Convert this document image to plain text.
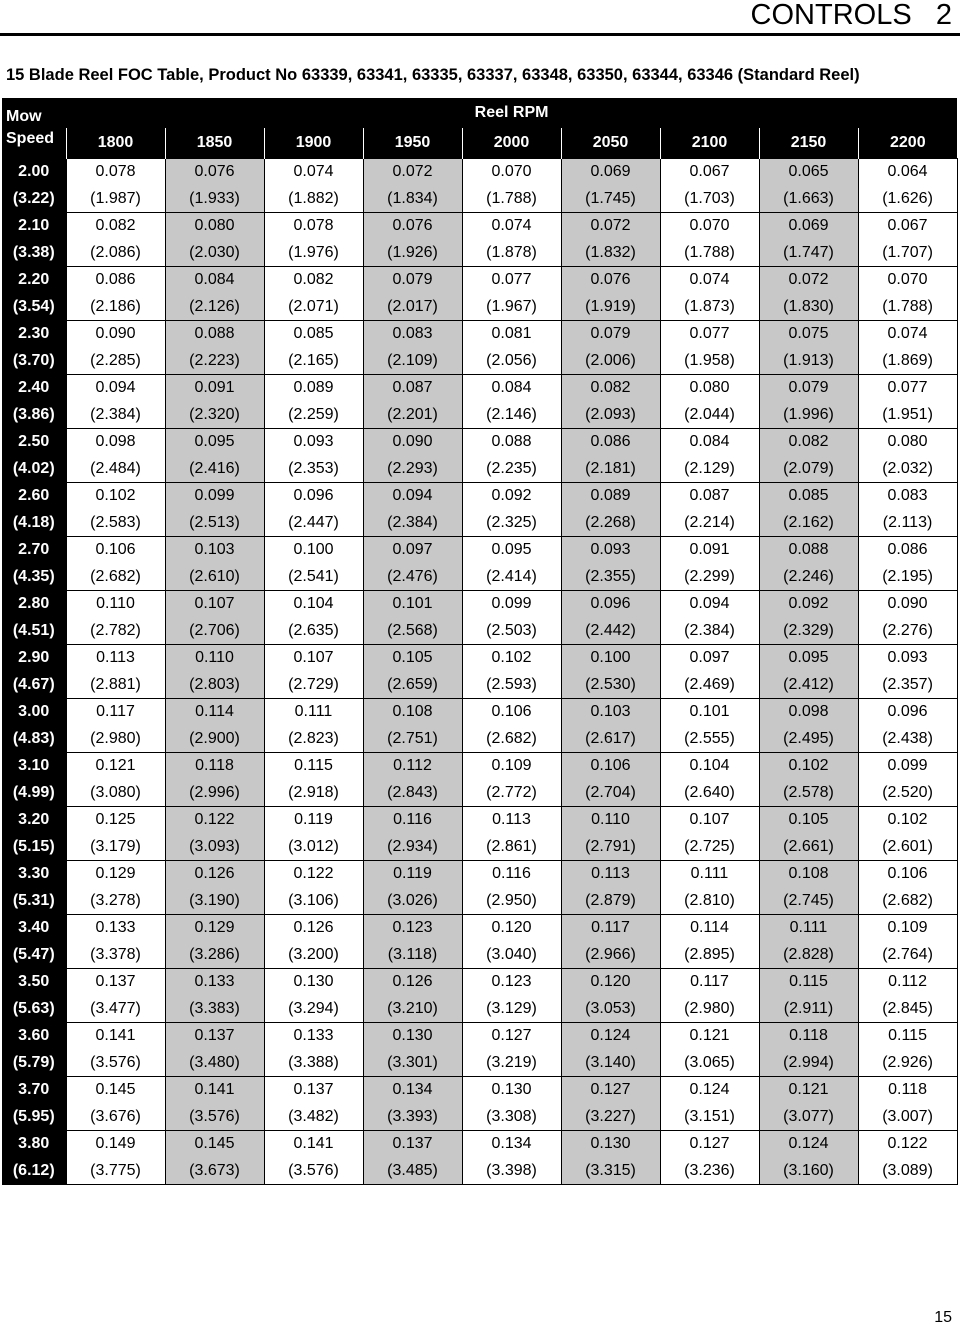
CONTROLS 2
15 Blade Reel FOC Table, Product No 63339, 63341, 63335, 63337, 63348, 63350, 63344, 63346 (Standard Reel)
Mow
Speed	Reel RPM								
	1800	1850	1900	1950	2000	2050	2100	2150	2200
2.00	0.078	0.076	0.074	0.072	0.070	0.069	0.067	0.065	0.064
(3.22)	(1.987)	(1.933)	(1.882)	(1.834)	(1.788)	(1.745)	(1.703)	(1.663)	(1.626)
2.10	0.082	0.080	0.078	0.076	0.074	0.072	0.070	0.069	0.067
(3.38)	(2.086)	(2.030)	(1.976)	(1.926)	(1.878)	(1.832)	(1.788)	(1.747)	(1.707)
2.20	0.086	0.084	0.082	0.079	0.077	0.076	0.074	0.072	0.070
(3.54)	(2.186)	(2.126)	(2.071)	(2.017)	(1.967)	(1.919)	(1.873)	(1.830)	(1.788)
2.30	0.090	0.088	0.085	0.083	0.081	0.079	0.077	0.075	0.074
(3.70)	(2.285)	(2.223)	(2.165)	(2.109)	(2.056)	(2.006)	(1.958)	(1.913)	(1.869)
2.40	0.094	0.091	0.089	0.087	0.084	0.082	0.080	0.079	0.077
(3.86)	(2.384)	(2.320)	(2.259)	(2.201)	(2.146)	(2.093)	(2.044)	(1.996)	(1.951)
2.50	0.098	0.095	0.093	0.090	0.088	0.086	0.084	0.082	0.080
(4.02)	(2.484)	(2.416)	(2.353)	(2.293)	(2.235)	(2.181)	(2.129)	(2.079)	(2.032)
2.60	0.102	0.099	0.096	0.094	0.092	0.089	0.087	0.085	0.083
(4.18)	(2.583)	(2.513)	(2.447)	(2.384)	(2.325)	(2.268)	(2.214)	(2.162)	(2.113)
2.70	0.106	0.103	0.100	0.097	0.095	0.093	0.091	0.088	0.086
(4.35)	(2.682)	(2.610)	(2.541)	(2.476)	(2.414)	(2.355)	(2.299)	(2.246)	(2.195)
2.80	0.110	0.107	0.104	0.101	0.099	0.096	0.094	0.092	0.090
(4.51)	(2.782)	(2.706)	(2.635)	(2.568)	(2.503)	(2.442)	(2.384)	(2.329)	(2.276)
2.90	0.113	0.110	0.107	0.105	0.102	0.100	0.097	0.095	0.093
(4.67)	(2.881)	(2.803)	(2.729)	(2.659)	(2.593)	(2.530)	(2.469)	(2.412)	(2.357)
3.00	0.117	0.114	0.111	0.108	0.106	0.103	0.101	0.098	0.096
(4.83)	(2.980)	(2.900)	(2.823)	(2.751)	(2.682)	(2.617)	(2.555)	(2.495)	(2.438)
3.10	0.121	0.118	0.115	0.112	0.109	0.106	0.104	0.102	0.099
(4.99)	(3.080)	(2.996)	(2.918)	(2.843)	(2.772)	(2.704)	(2.640)	(2.578)	(2.520)
3.20	0.125	0.122	0.119	0.116	0.113	0.110	0.107	0.105	0.102
(5.15)	(3.179)	(3.093)	(3.012)	(2.934)	(2.861)	(2.791)	(2.725)	(2.661)	(2.601)
3.30	0.129	0.126	0.122	0.119	0.116	0.113	0.111	0.108	0.106
(5.31)	(3.278)	(3.190)	(3.106)	(3.026)	(2.950)	(2.879)	(2.810)	(2.745)	(2.682)
3.40	0.133	0.129	0.126	0.123	0.120	0.117	0.114	0.111	0.109
(5.47)	(3.378)	(3.286)	(3.200)	(3.118)	(3.040)	(2.966)	(2.895)	(2.828)	(2.764)
3.50	0.137	0.133	0.130	0.126	0.123	0.120	0.117	0.115	0.112
(5.63)	(3.477)	(3.383)	(3.294)	(3.210)	(3.129)	(3.053)	(2.980)	(2.911)	(2.845)
3.60	0.141	0.137	0.133	0.130	0.127	0.124	0.121	0.118	0.115
(5.79)	(3.576)	(3.480)	(3.388)	(3.301)	(3.219)	(3.140)	(3.065)	(2.994)	(2.926)
3.70	0.145	0.141	0.137	0.134	0.130	0.127	0.124	0.121	0.118
(5.95)	(3.676)	(3.576)	(3.482)	(3.393)	(3.308)	(3.227)	(3.151)	(3.077)	(3.007)
3.80	0.149	0.145	0.141	0.137	0.134	0.130	0.127	0.124	0.122
(6.12)	(3.775)	(3.673)	(3.576)	(3.485)	(3.398)	(3.315)	(3.236)	(3.160)	(3.089)
15
